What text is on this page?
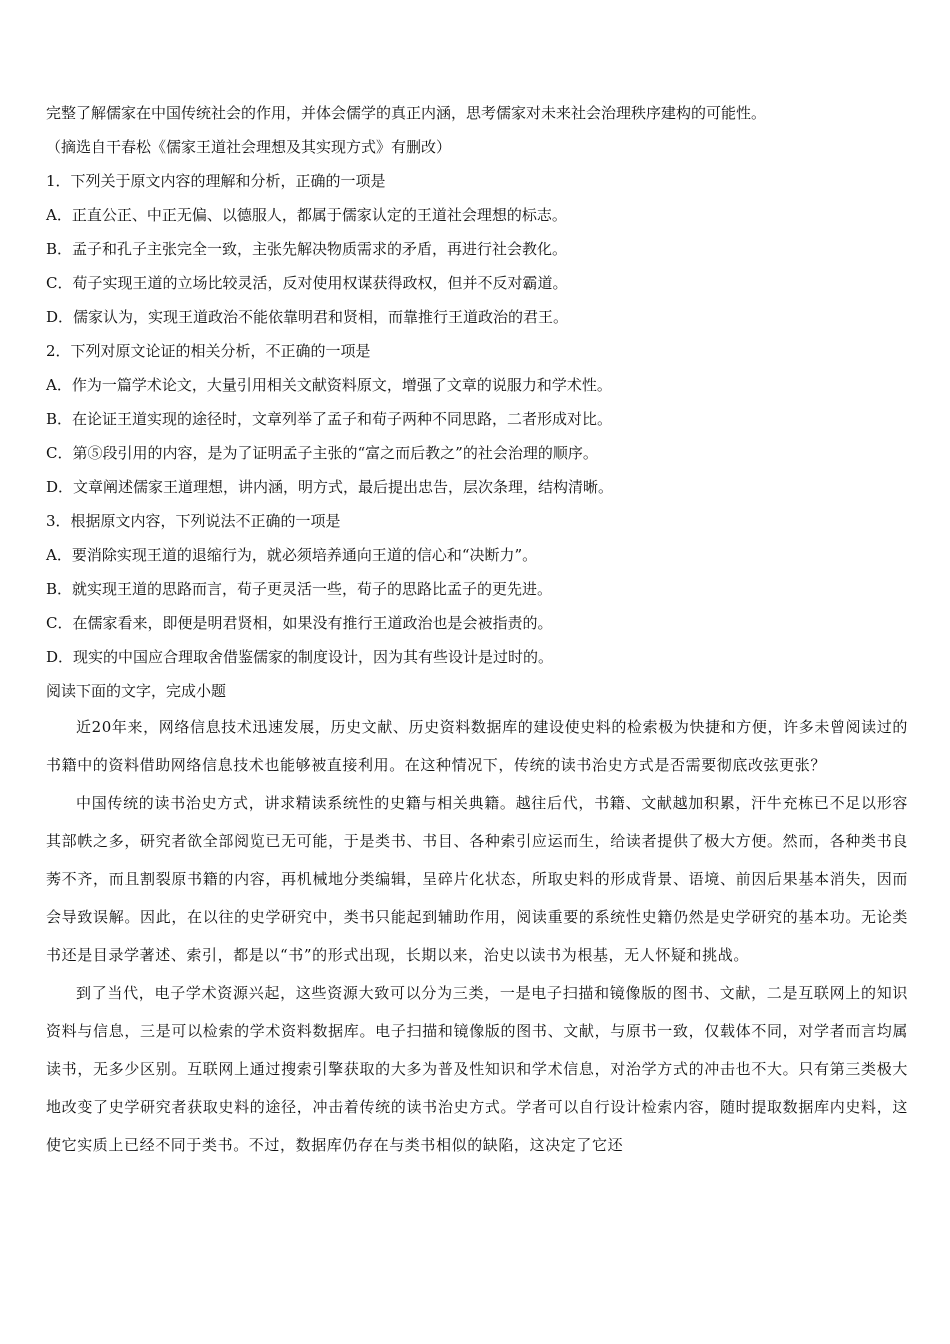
完整了解儒家在中国传统社会的作用，并体会儒学的真正内涵，思考儒家对未来社会治理秩序建构的可能性。

（摘选自干春松《儒家王道社会理想及其实现方式》有删改）

1．下列关于原文内容的理解和分析，正确的一项是

A．正直公正、中正无偏、以德服人，都属于儒家认定的王道社会理想的标志。

B．孟子和孔子主张完全一致，主张先解决物质需求的矛盾，再进行社会教化。

C．荀子实现王道的立场比较灵活，反对使用权谋获得政权，但并不反对霸道。

D．儒家认为，实现王道政治不能依靠明君和贤相，而靠推行王道政治的君王。

2．下列对原文论证的相关分析，不正确的一项是

A．作为一篇学术论文，大量引用相关文献资料原文，增强了文章的说服力和学术性。

B．在论证王道实现的途径时，文章列举了孟子和荀子两种不同思路，二者形成对比。

C．第⑤段引用的内容，是为了证明孟子主张的“富之而后教之”的社会治理的顺序。

D．文章阐述儒家王道理想，讲内涵，明方式，最后提出忠告，层次条理，结构清晰。

3．根据原文内容，下列说法不正确的一项是

A．要消除实现王道的退缩行为，就必须培养通向王道的信心和“决断力”。

B．就实现王道的思路而言，荀子更灵活一些，荀子的思路比孟子的更先进。

C．在儒家看来，即便是明君贤相，如果没有推行王道政治也是会被指责的。

D．现实的中国应合理取舍借鉴儒家的制度设计，因为其有些设计是过时的。

阅读下面的文字，完成小题

近20年来，网络信息技术迅速发展，历史文献、历史资料数据库的建设使史料的检索极为快捷和方便，许多未曾阅读过的书籍中的资料借助网络信息技术也能够被直接利用。在这种情况下，传统的读书治史方式是否需要彻底改弦更张？

中国传统的读书治史方式，讲求精读系统性的史籍与相关典籍。越往后代，书籍、文献越加积累，汗牛充栋已不足以形容其部帙之多，研究者欲全部阅览已无可能，于是类书、书目、各种索引应运而生，给读者提供了极大方便。然而，各种类书良莠不齐，而且割裂原书籍的内容，再机械地分类编辑，呈碎片化状态，所取史料的形成背景、语境、前因后果基本消失，因而会导致误解。因此，在以往的史学研究中，类书只能起到辅助作用，阅读重要的系统性史籍仍然是史学研究的基本功。无论类书还是目录学著述、索引，都是以“书”的形式出现，长期以来，治史以读书为根基，无人怀疑和挑战。

到了当代，电子学术资源兴起，这些资源大致可以分为三类，一是电子扫描和镜像版的图书、文献，二是互联网上的知识资料与信息，三是可以检索的学术资料数据库。电子扫描和镜像版的图书、文献，与原书一致，仅载体不同，对学者而言均属读书，无多少区别。互联网上通过搜索引擎获取的大多为普及性知识和学术信息，对治学方式的冲击也不大。只有第三类极大地改变了史学研究者获取史料的途径，冲击着传统的读书治史方式。学者可以自行设计检索内容，随时提取数据库内史料，这使它实质上已经不同于类书。不过，数据库仍存在与类书相似的缺陷，这决定了它还
